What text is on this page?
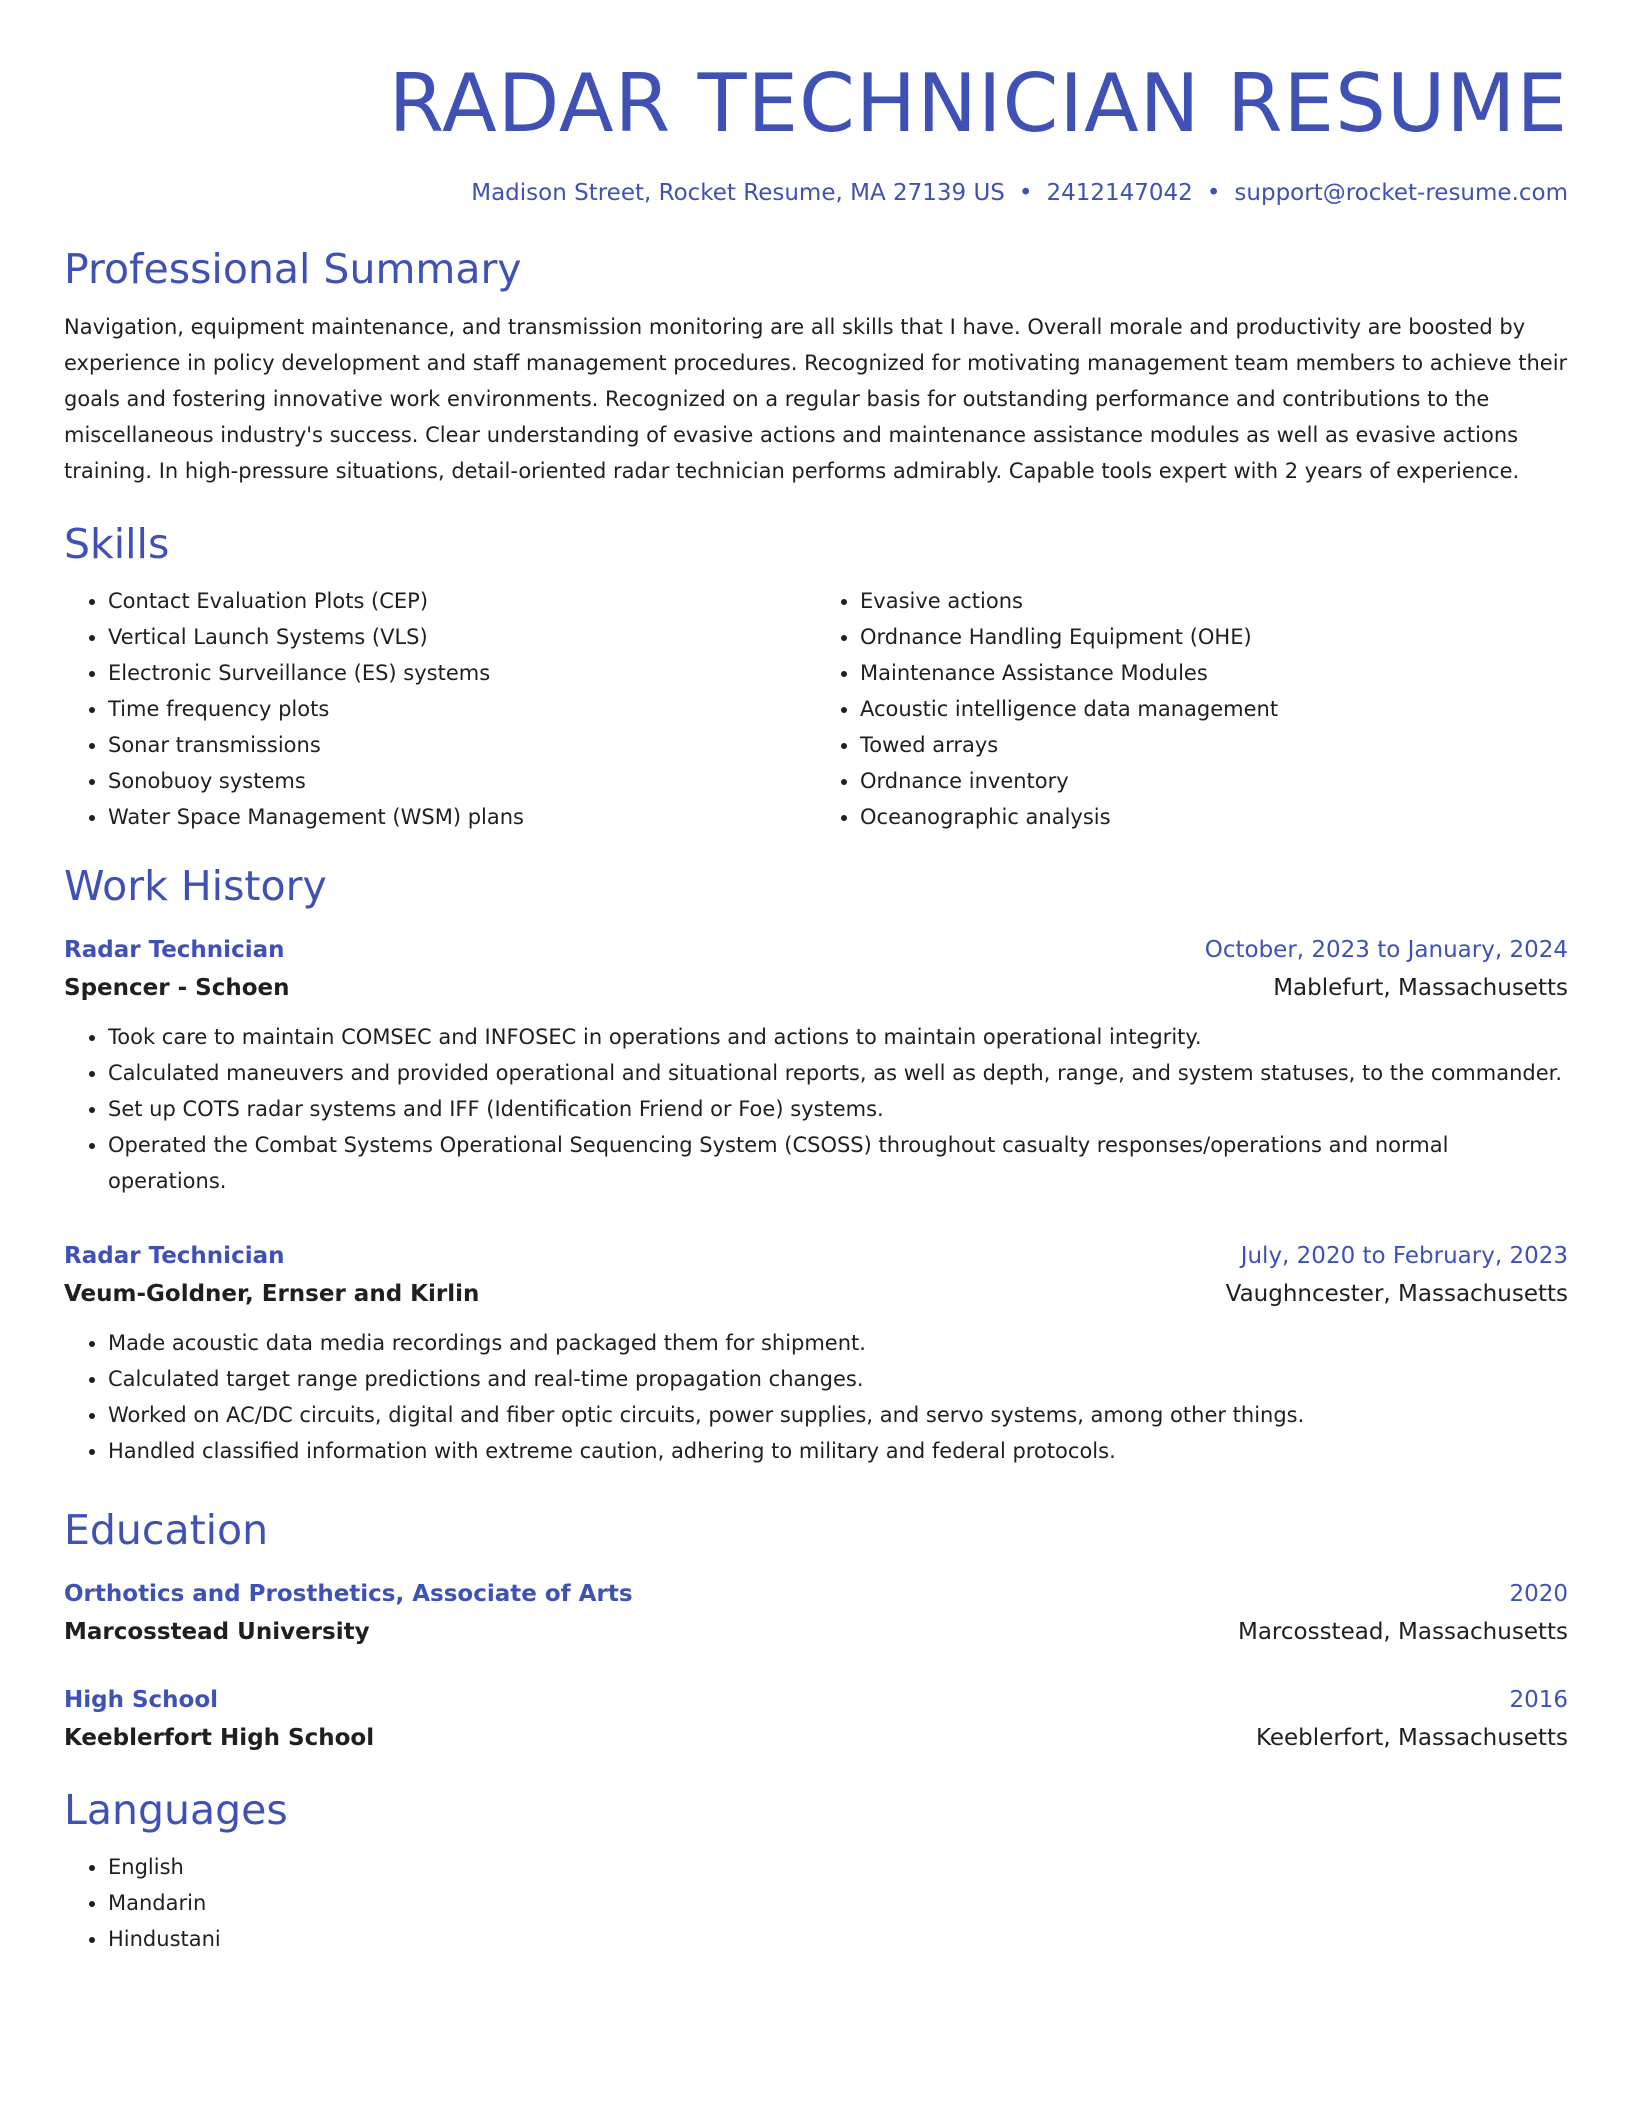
RADAR TECHNICIAN RESUME
Madison Street, Rocket Resume, MA 27139 US • 2412147042 • support@rocket-resume.com
Professional Summary
Navigation, equipment maintenance, and transmission monitoring are all skills that I have. Overall morale and productivity are boosted by experience in policy development and staff management procedures. Recognized for motivating management team members to achieve their goals and fostering innovative work environments. Recognized on a regular basis for outstanding performance and contributions to the miscellaneous industry's success. Clear understanding of evasive actions and maintenance assistance modules as well as evasive actions training. In high-pressure situations, detail-oriented radar technician performs admirably. Capable tools expert with 2 years of experience.
Skills
• Contact Evaluation Plots (CEP)
• Vertical Launch Systems (VLS)
• Electronic Surveillance (ES) systems
• Time frequency plots
• Sonar transmissions
• Sonobuoy systems
• Water Space Management (WSM) plans
• Evasive actions
• Ordnance Handling Equipment (OHE)
• Maintenance Assistance Modules
• Acoustic intelligence data management
• Towed arrays
• Ordnance inventory
• Oceanographic analysis
Work History
Radar Technician	October, 2023 to January, 2024
Spencer - Schoen	Mablefurt, Massachusetts
• Took care to maintain COMSEC and INFOSEC in operations and actions to maintain operational integrity.
• Calculated maneuvers and provided operational and situational reports, as well as depth, range, and system statuses, to the commander.
• Set up COTS radar systems and IFF (Identification Friend or Foe) systems.
• Operated the Combat Systems Operational Sequencing System (CSOSS) throughout casualty responses/operations and normal operations.
Radar Technician	July, 2020 to February, 2023
Veum-Goldner, Ernser and Kirlin	Vaughncester, Massachusetts
• Made acoustic data media recordings and packaged them for shipment.
• Calculated target range predictions and real-time propagation changes.
• Worked on AC/DC circuits, digital and fiber optic circuits, power supplies, and servo systems, among other things.
• Handled classified information with extreme caution, adhering to military and federal protocols.
Education
Orthotics and Prosthetics, Associate of Arts	2020
Marcosstead University	Marcosstead, Massachusetts
High School	2016
Keeblerfort High School	Keeblerfort, Massachusetts
Languages
• English
• Mandarin
• Hindustani
